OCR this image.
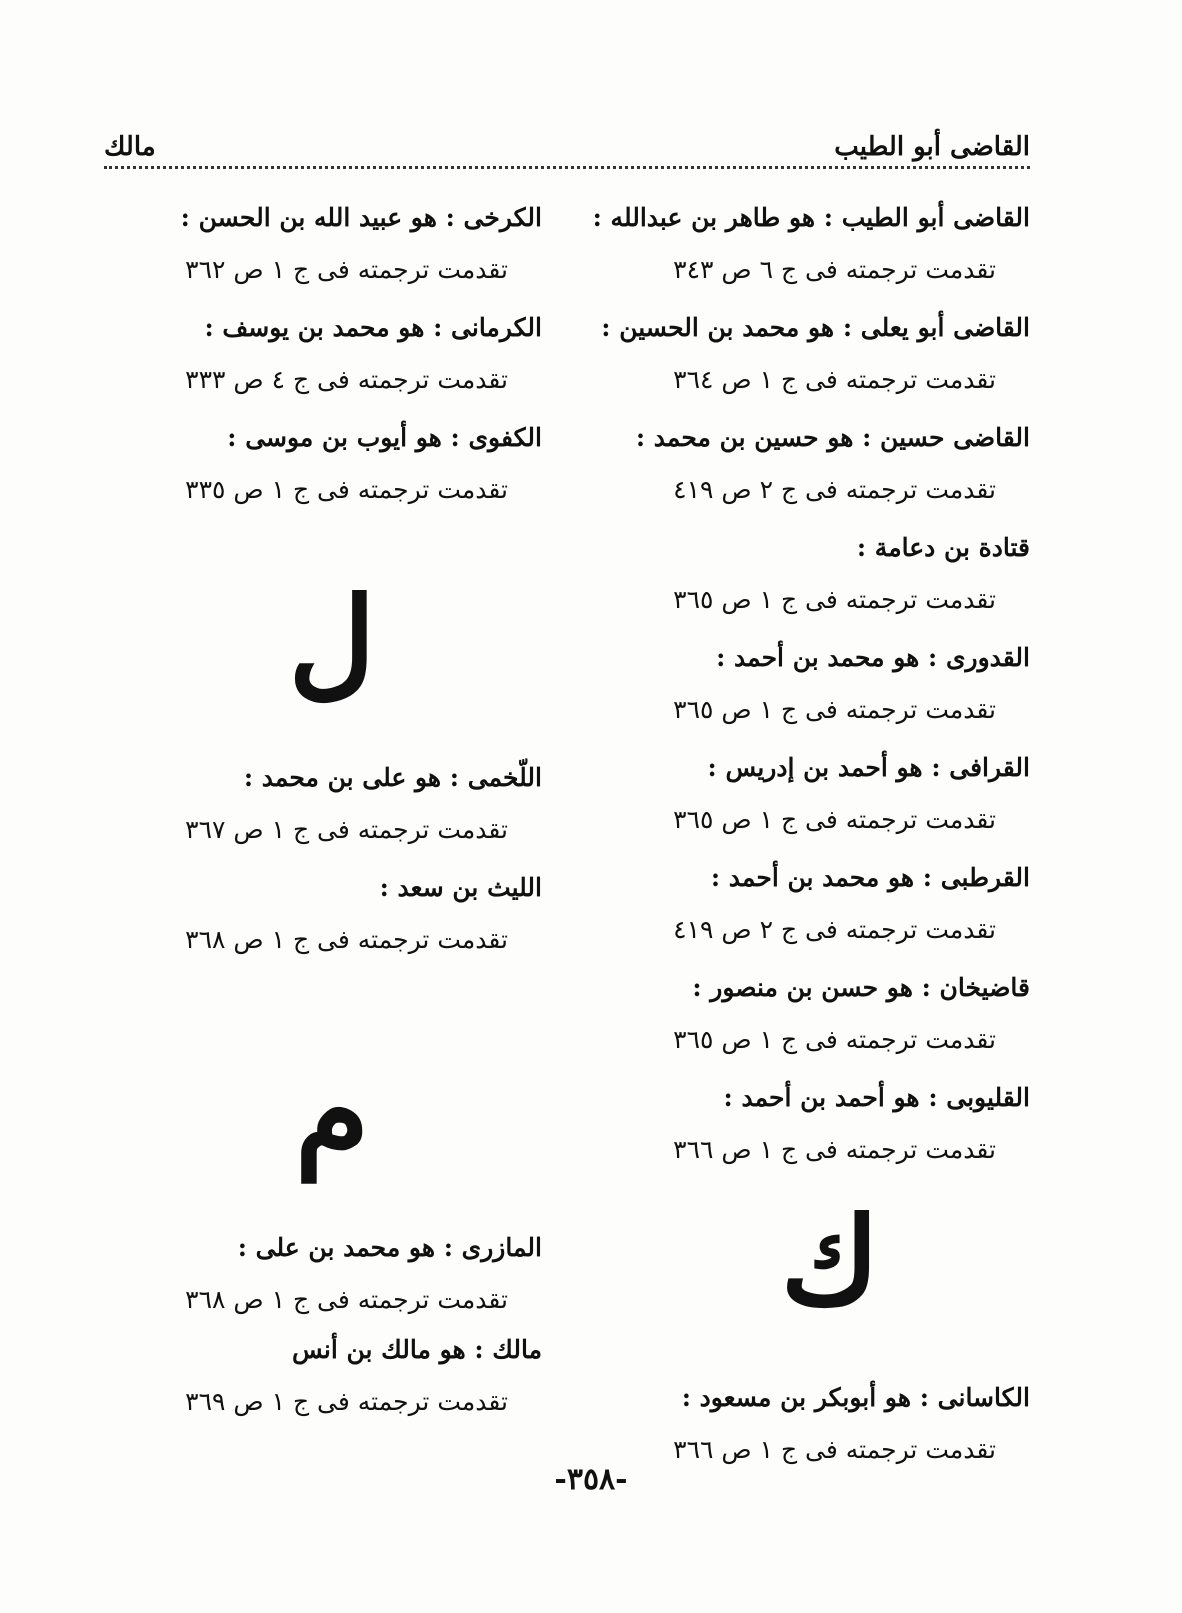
القاضى أبو الطيب
مالك
القاضى أبو الطيب : هو طاهر بن عبدالله :
تقدمت ترجمته فى ج ٦ ص ٣٤٣
القاضى أبو يعلى : هو محمد بن الحسين :
تقدمت ترجمته فى ج ١ ص ٣٦٤
القاضى حسين : هو حسين بن محمد :
تقدمت ترجمته فى ج ٢ ص ٤١٩
قتادة بن دعامة :
تقدمت ترجمته فى ج ١ ص ٣٦٥
القدورى : هو محمد بن أحمد :
تقدمت ترجمته فى ج ١ ص ٣٦٥
القرافى : هو أحمد بن إدريس :
تقدمت ترجمته فى ج ١ ص ٣٦٥
القرطبى : هو محمد بن أحمد :
تقدمت ترجمته فى ج ٢ ص ٤١٩
قاضيخان : هو حسن بن منصور :
تقدمت ترجمته فى ج ١ ص ٣٦٥
القليوبى : هو أحمد بن أحمد :
تقدمت ترجمته فى ج ١ ص ٣٦٦
ك
الكاسانى : هو أبوبكر بن مسعود :
تقدمت ترجمته فى ج ١ ص ٣٦٦
الكرخى : هو عبيد الله بن الحسن :
تقدمت ترجمته فى ج ١ ص ٣٦٢
الكرمانى : هو محمد بن يوسف :
تقدمت ترجمته فى ج ٤ ص ٣٣٣
الكفوى : هو أيوب بن موسى :
تقدمت ترجمته فى ج ١ ص ٣٣٥
ل
اللّخمى : هو على بن محمد :
تقدمت ترجمته فى ج ١ ص ٣٦٧
الليث بن سعد :
تقدمت ترجمته فى ج ١ ص ٣٦٨
م
المازرى : هو محمد بن على :
تقدمت ترجمته فى ج ١ ص ٣٦٨
مالك : هو مالك بن أنس
تقدمت ترجمته فى ج ١ ص ٣٦٩
-٣٥٨-
